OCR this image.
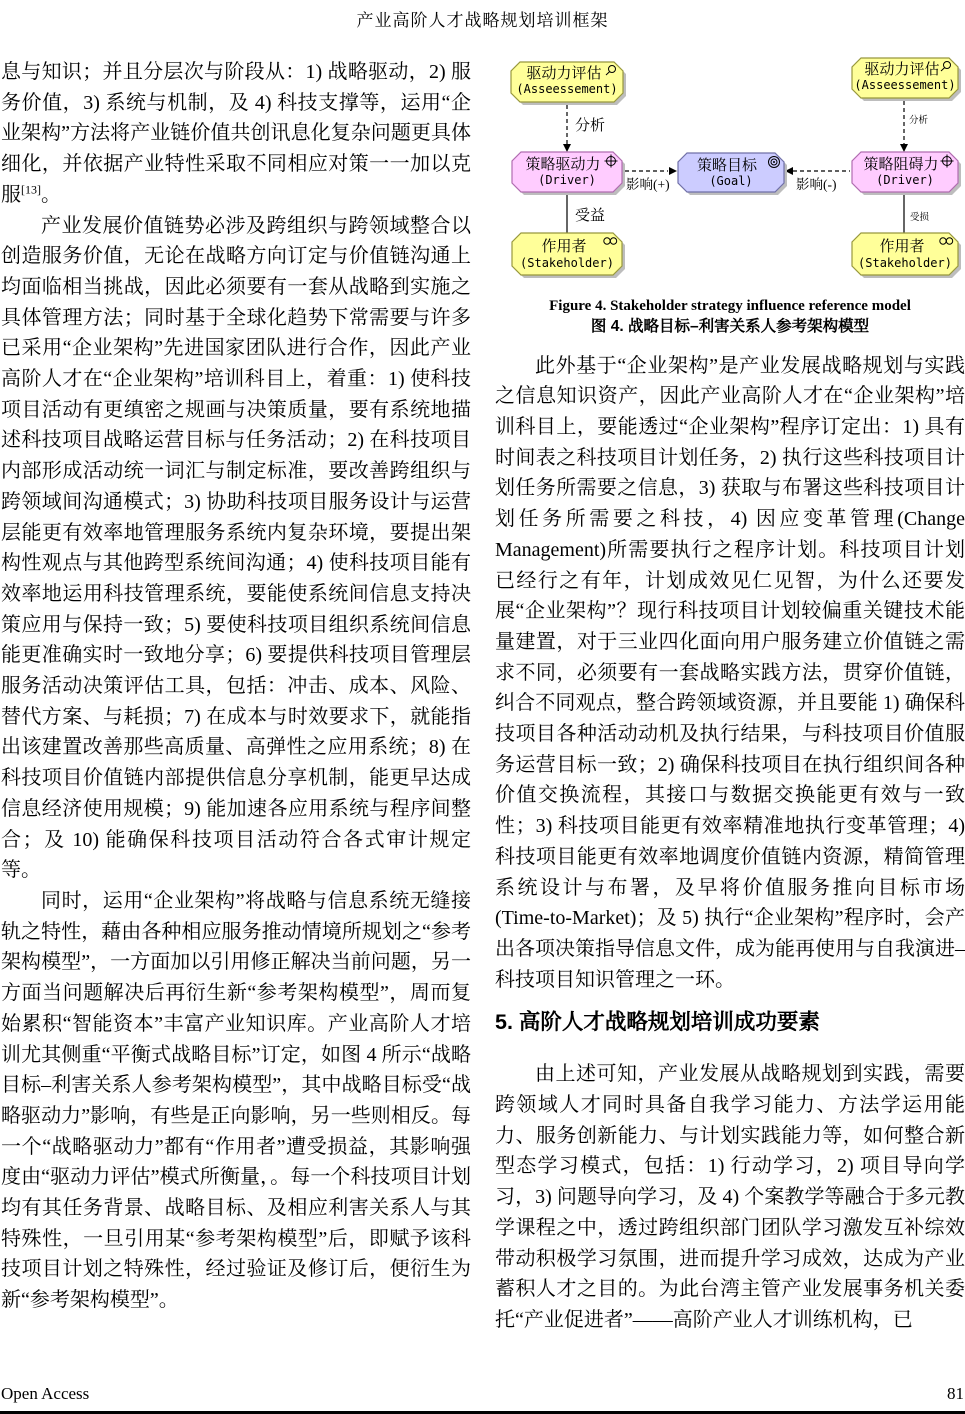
产业高阶人才战略规划培训框架

息与知识；并且分层次与阶段从：1) 战略驱动，2) 服务价值，3) 系统与机制，及 4) 科技支撑等，运用“企业架构”方法将产业链价值共创讯息化复杂问题更具体细化，并依据产业特性采取不同相应对策一一加以克服[13]。

产业发展价值链势必涉及跨组织与跨领域整合以创造服务价值，无论在战略方向订定与价值链沟通上均面临相当挑战，因此必须要有一套从战略到实施之具体管理方法；同时基于全球化趋势下常需要与许多已采用“企业架构”先进国家团队进行合作，因此产业高阶人才在“企业架构”培训科目上，着重：1) 使科技项目活动有更缜密之规画与决策质量，要有系统地描述科技项目战略运营目标与任务活动；2) 在科技项目内部形成活动统一词汇与制定标准，要改善跨组织与跨领域间沟通模式；3) 协助科技项目服务设计与运营层能更有效率地管理服务系统内复杂环境，要提出架构性观点与其他跨型系统间沟通；4) 使科技项目能有效率地运用科技管理系统，要能使系统间信息支持决策应用与保持一致；5) 要使科技项目组织系统间信息能更准确实时一致地分享；6) 要提供科技项目管理层服务活动决策评估工具，包括：冲击、成本、风险、替代方案、与耗损；7) 在成本与时效要求下，就能指出该建置改善那些高质量、高弹性之应用系统；8) 在科技项目价值链内部提供信息分享机制，能更早达成信息经济使用规模；9) 能加速各应用系统与程序间整合；及 10) 能确保科技项目活动符合各式审计规定等。

同时，运用“企业架构”将战略与信息系统无缝接轨之特性，藉由各种相应服务推动情境所规划之“参考架构模型”，一方面加以引用修正解决当前问题，另一方面当问题解决后再衍生新“参考架构模型”，周而复始累积“智能资本”丰富产业知识库。产业高阶人才培训尤其侧重“平衡式战略目标”订定，如图 4 所示“战略目标–利害关系人参考架构模型”，其中战略目标受“战略驱动力”影响，有些是正向影响，另一些则相反。每一个“战略驱动力”都有“作用者”遭受损益，其影响强度由“驱动力评估”模式所衡量，。每一个科技项目计划均有其任务背景、战略目标、及相应利害关系人与其特殊性，一旦引用某“参考架构模型”后，即赋予该科技项目计划之特殊性，经过验证及修订后，便衍生为新“参考架构模型”。

分析	分析
影响(+)	影响(-)
受益	受损
驱动力评估
(Asseessement)
驱动力评估
(Asseessement)
策略驱动力
(Driver)
策略目标
(Goal)
策略阻碍力
(Driver)
作用者
(Stakeholder)
作用者
(Stakeholder)
Figure 4. Stakeholder strategy influence reference model
图 4. 战略目标–利害关系人参考架构模型

此外基于“企业架构”是产业发展战略规划与实践之信息知识资产，因此产业高阶人才在“企业架构”培训科目上，要能透过“企业架构”程序订定出：1) 具有时间表之科技项目计划任务，2) 执行这些科技项目计划任务所需要之信息，3) 获取与布署这些科技项目计划任务所需要之科技，4) 因应变革管理(Change Management)所需要执行之程序计划。科技项目计划已经行之有年，计划成效见仁见智，为什么还要发展“企业架构”？现行科技项目计划较偏重关键技术能量建置，对于三业四化面向用户服务建立价值链之需求不同，必须要有一套战略实践方法，贯穿价值链，纠合不同观点，整合跨领域资源，并且要能 1) 确保科技项目各种活动动机及执行结果，与科技项目价值服务运营目标一致；2) 确保科技项目在执行组织间各种价值交换流程，其接口与数据交换能更有效与一致性；3) 科技项目能更有效率精准地执行变革管理；4) 科技项目能更有效率地调度价值链内资源，精简管理系统设计与布署，及早将价值服务推向目标市场(Time-to-Market)；及 5) 执行“企业架构”程序时，会产出各项决策指导信息文件，成为能再使用与自我演进–科技项目知识管理之一环。

5. 高阶人才战略规划培训成功要素

由上述可知，产业发展从战略规划到实践，需要跨领域人才同时具备自我学习能力、方法学运用能力、服务创新能力、与计划实践能力等，如何整合新型态学习模式，包括：1) 行动学习，2) 项目导向学习，3) 问题导向学习，及 4) 个案教学等融合于多元教学课程之中，透过跨组织部门团队学习激发互补综效带动积极学习氛围，进而提升学习成效，达成为产业蓄积人才之目的。为此台湾主管产业发展事务机关委托“产业促进者”——高阶产业人才训练机构，已

Open Access	81
